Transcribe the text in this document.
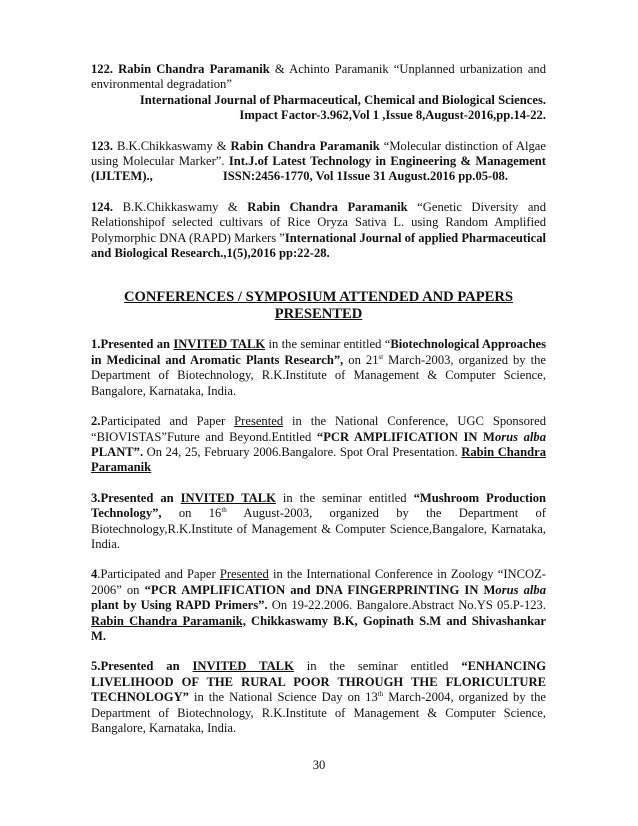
122. Rabin Chandra Paramanik & Achinto Paramanik “Unplanned urbanization and environmental degradation”

International Journal of Pharmaceutical, Chemical and Biological Sciences.
Impact Factor-3.962,Vol 1 ,Issue 8,August-2016,pp.14-22.

123. B.K.Chikkaswamy & Rabin Chandra Paramanik “Molecular distinction of Algae using Molecular Marker”. Int.J.of Latest Technology in Engineering & Management (IJLTEM).,	ISSN:2456-1770, Vol 1Issue 31 August.2016 pp.05-08.

124. B.K.Chikkaswamy & Rabin Chandra Paramanik “Genetic Diversity and Relationshipof selected cultivars of Rice Oryza Sativa L. using Random Amplified Polymorphic DNA (RAPD) Markers ”International Journal of applied Pharmaceutical and Biological Research.,1(5),2016 pp:22-28.

CONFERENCES / SYMPOSIUM ATTENDED AND PAPERS
PRESENTED

1.Presented an INVITED TALK in the seminar entitled “Biotechnological Approaches in Medicinal and Aromatic Plants Research”, on 21st March-2003, organized by the Department of Biotechnology, R.K.Institute of Management & Computer Science, Bangalore, Karnataka, India.

2.Participated and Paper Presented in the National Conference, UGC Sponsored “BIOVISTAS”Future and Beyond.Entitled “PCR AMPLIFICATION IN Morus alba PLANT”. On 24, 25, February 2006.Bangalore. Spot Oral Presentation. Rabin Chandra Paramanik

3.Presented an INVITED TALK in the seminar entitled “Mushroom Production Technology”, on 16th August-2003, organized by the Department of Biotechnology,R.K.Institute of Management & Computer Science,Bangalore, Karnataka, India.

4.Participated and Paper Presented in the International Conference in Zoology “INCOZ-2006” on “PCR AMPLIFICATION and DNA FINGERPRINTING IN Morus alba plant by Using RAPD Primers”. On 19-22.2006. Bangalore.Abstract No.YS 05.P-123. Rabin Chandra Paramanik, Chikkaswamy B.K, Gopinath S.M and Shivashankar M.

5.Presented an INVITED TALK in the seminar entitled “ENHANCING LIVELIHOOD OF THE RURAL POOR THROUGH THE FLORICULTURE TECHNOLOGY” in the National Science Day on 13th March-2004, organized by the Department of Biotechnology, R.K.Institute of Management & Computer Science, Bangalore, Karnataka, India.

30
